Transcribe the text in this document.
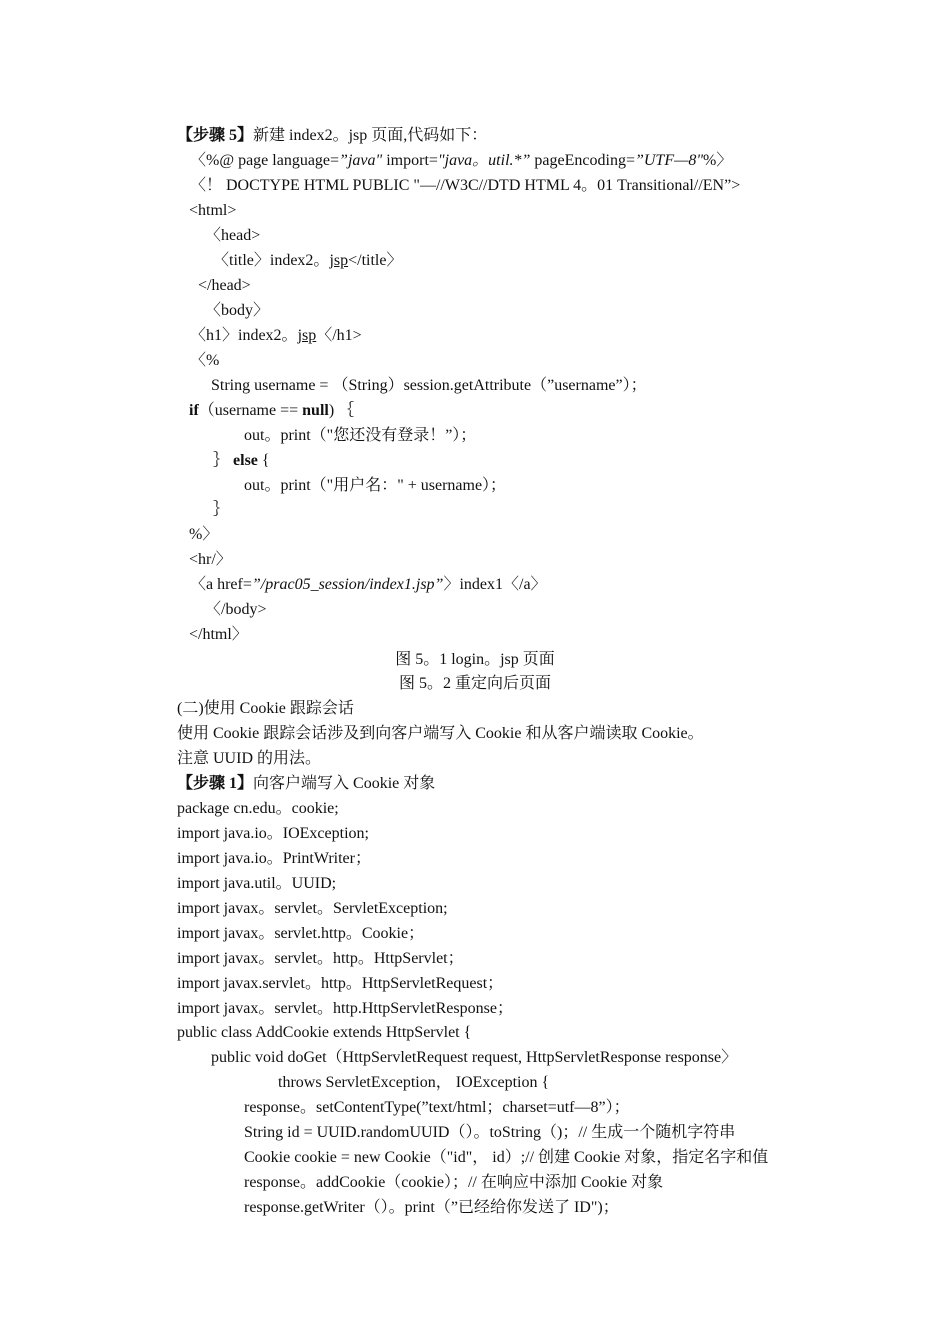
【步骤 5】新建 index2。jsp 页面,代码如下：
〈%@ page language=”java" import="java。util.*” pageEncoding=”UTF—8"%〉
〈！ DOCTYPE HTML PUBLIC "—//W3C//DTD HTML 4。01 Transitional//EN”>
<html>
〈head>
〈title〉index2。jsp</title〉
</head>
〈body〉
〈h1〉index2。jsp〈/h1>
〈%
String username = （String）session.getAttribute（”username”）；
if（username == null) ｛
out。print（"您还没有登录！”）；
｝ else {
out。print（"用户名：" + username）；
｝
%〉
<hr/〉
〈a href=”/prac05_session/index1.jsp”〉index1〈/a〉
〈/body>
</html〉
图 5。1 login。jsp 页面
图 5。2 重定向后页面
(二)使用 Cookie 跟踪会话
使用 Cookie 跟踪会话涉及到向客户端写入 Cookie 和从客户端读取 Cookie。
注意 UUID 的用法。
【步骤 1】向客户端写入 Cookie 对象
package cn.edu。cookie;
import java.io。IOException;
import java.io。PrintWriter；
import java.util。UUID;
import javax。servlet。ServletException;
import javax。servlet.http。Cookie；
import javax。servlet。http。HttpServlet；
import javax.servlet。http。HttpServletRequest；
import javax。servlet。http.HttpServletResponse；
public class AddCookie extends HttpServlet {
public void doGet（HttpServletRequest request, HttpServletResponse response〉
throws ServletException， IOException {
response。setContentType(”text/html；charset=utf—8”）；
String id = UUID.randomUUID（）。toString（)；// 生成一个随机字符串
Cookie cookie = new Cookie（"id"， id）;// 创建 Cookie 对象，指定名字和值
response。addCookie（cookie）；// 在响应中添加 Cookie 对象
response.getWriter（）。print（”已经给你发送了 ID")；
